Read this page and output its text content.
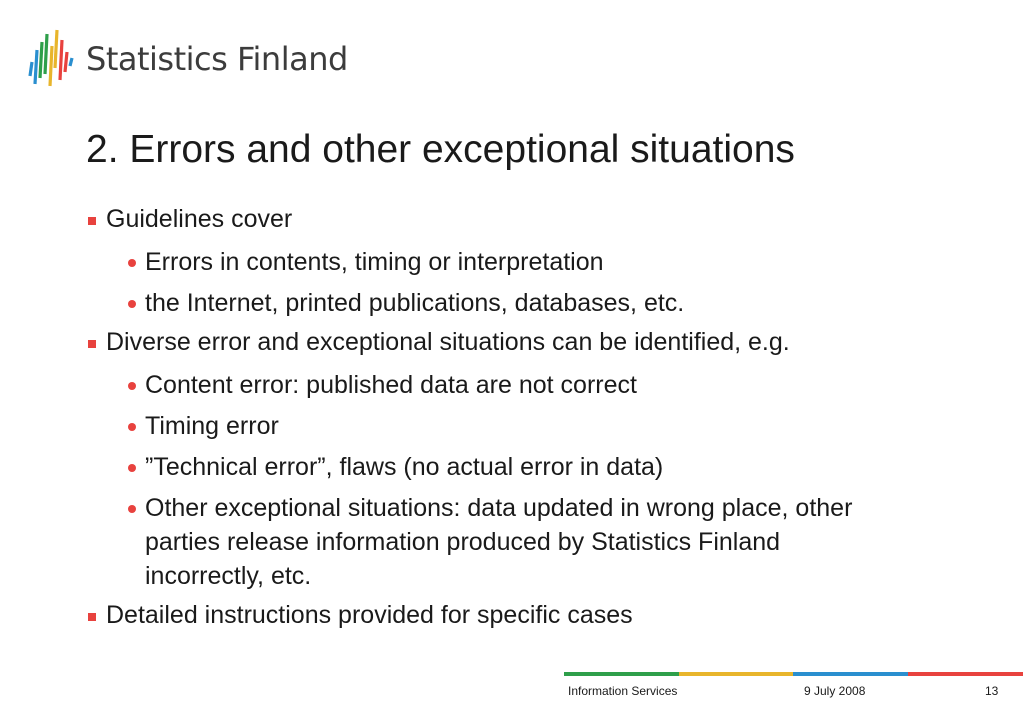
Statistics Finland
2. Errors and other exceptional situations
Guidelines cover
Errors in contents, timing or interpretation
the Internet, printed publications, databases, etc.
Diverse error and exceptional situations can be identified, e.g.
Content error: published data are not correct
Timing error
”Technical error”, flaws (no actual error in data)
Other exceptional situations: data updated in wrong place, other parties release information produced by Statistics Finland incorrectly, etc.
Detailed instructions provided for specific cases
Information Services	9 July 2008	13
